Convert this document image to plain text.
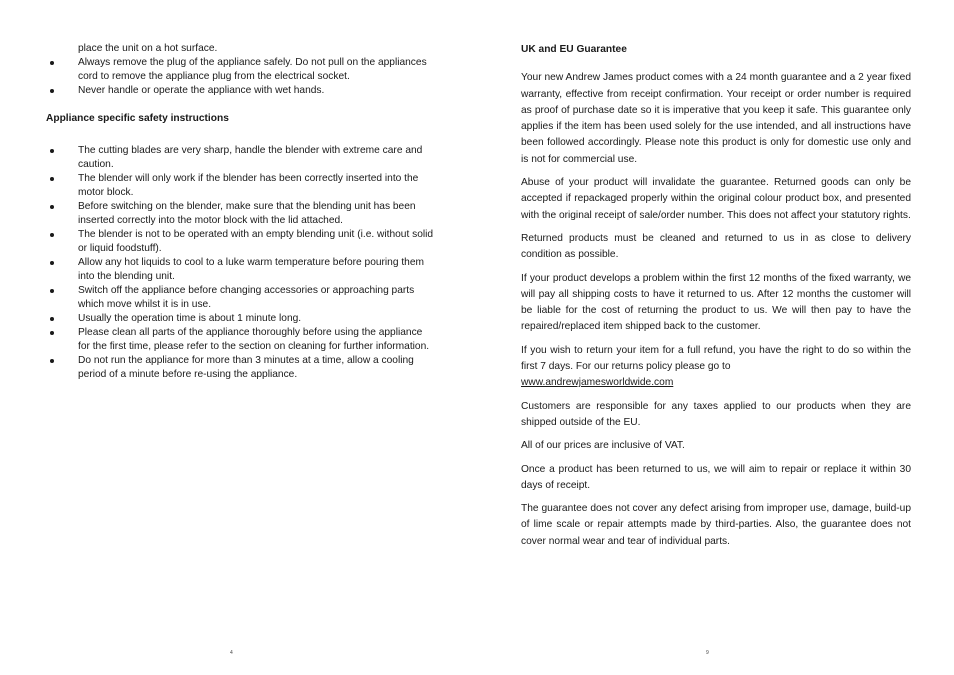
place the unit on a hot surface.
Always remove the plug of the appliance safely. Do not pull on the appliances cord to remove the appliance plug from the electrical socket.
Never handle or operate the appliance with wet hands.
Appliance specific safety instructions
The cutting blades are very sharp, handle the blender with extreme care and caution.
The blender will only work if the blender has been correctly inserted into the motor block.
Before switching on the blender, make sure that the blending unit has been inserted correctly into the motor block with the lid attached.
The blender is not to be operated with an empty blending unit (i.e. without solid or liquid foodstuff).
Allow any hot liquids to cool to a luke warm temperature before pouring them into the blending unit.
Switch off the appliance before changing accessories or approaching parts which move whilst it is in use.
Usually the operation time is about 1 minute long.
Please clean all parts of the appliance thoroughly before using the appliance for the first time, please refer to the section on cleaning for further information.
Do not run the appliance for more than 3 minutes at a time, allow a cooling period of a minute before re-using the appliance.
4
UK and EU Guarantee

Your new Andrew James product comes with a 24 month guarantee and a 2 year fixed warranty, effective from receipt confirmation. Your receipt or order number is required as proof of purchase date so it is imperative that you keep it safe. This guarantee only applies if the item has been used solely for the use intended, and all instructions have been followed accordingly. Please note this product is only for domestic use only and is not for commercial use.

Abuse of your product will invalidate the guarantee. Returned goods can only be accepted if repackaged properly within the original colour product box, and presented with the original receipt of sale/order number. This does not affect your statutory rights.

Returned products must be cleaned and returned to us in as close to delivery condition as possible.

If your product develops a problem within the first 12 months of the fixed warranty, we will pay all shipping costs to have it returned to us. After 12 months the customer will be liable for the cost of returning the product to us. We will then pay to have the repaired/replaced item shipped back to the customer.

If you wish to return your item for a full refund, you have the right to do so within the first 7 days. For our returns policy please go to
www.andrewjamesworldwide.com

Customers are responsible for any taxes applied to our products when they are shipped outside of the EU.

All of our prices are inclusive of VAT.

Once a product has been returned to us, we will aim to repair or replace it within 30 days of receipt.

The guarantee does not cover any defect arising from improper use, damage, build-up of lime scale or repair attempts made by third-parties. Also, the guarantee does not cover normal wear and tear of individual parts.

9
